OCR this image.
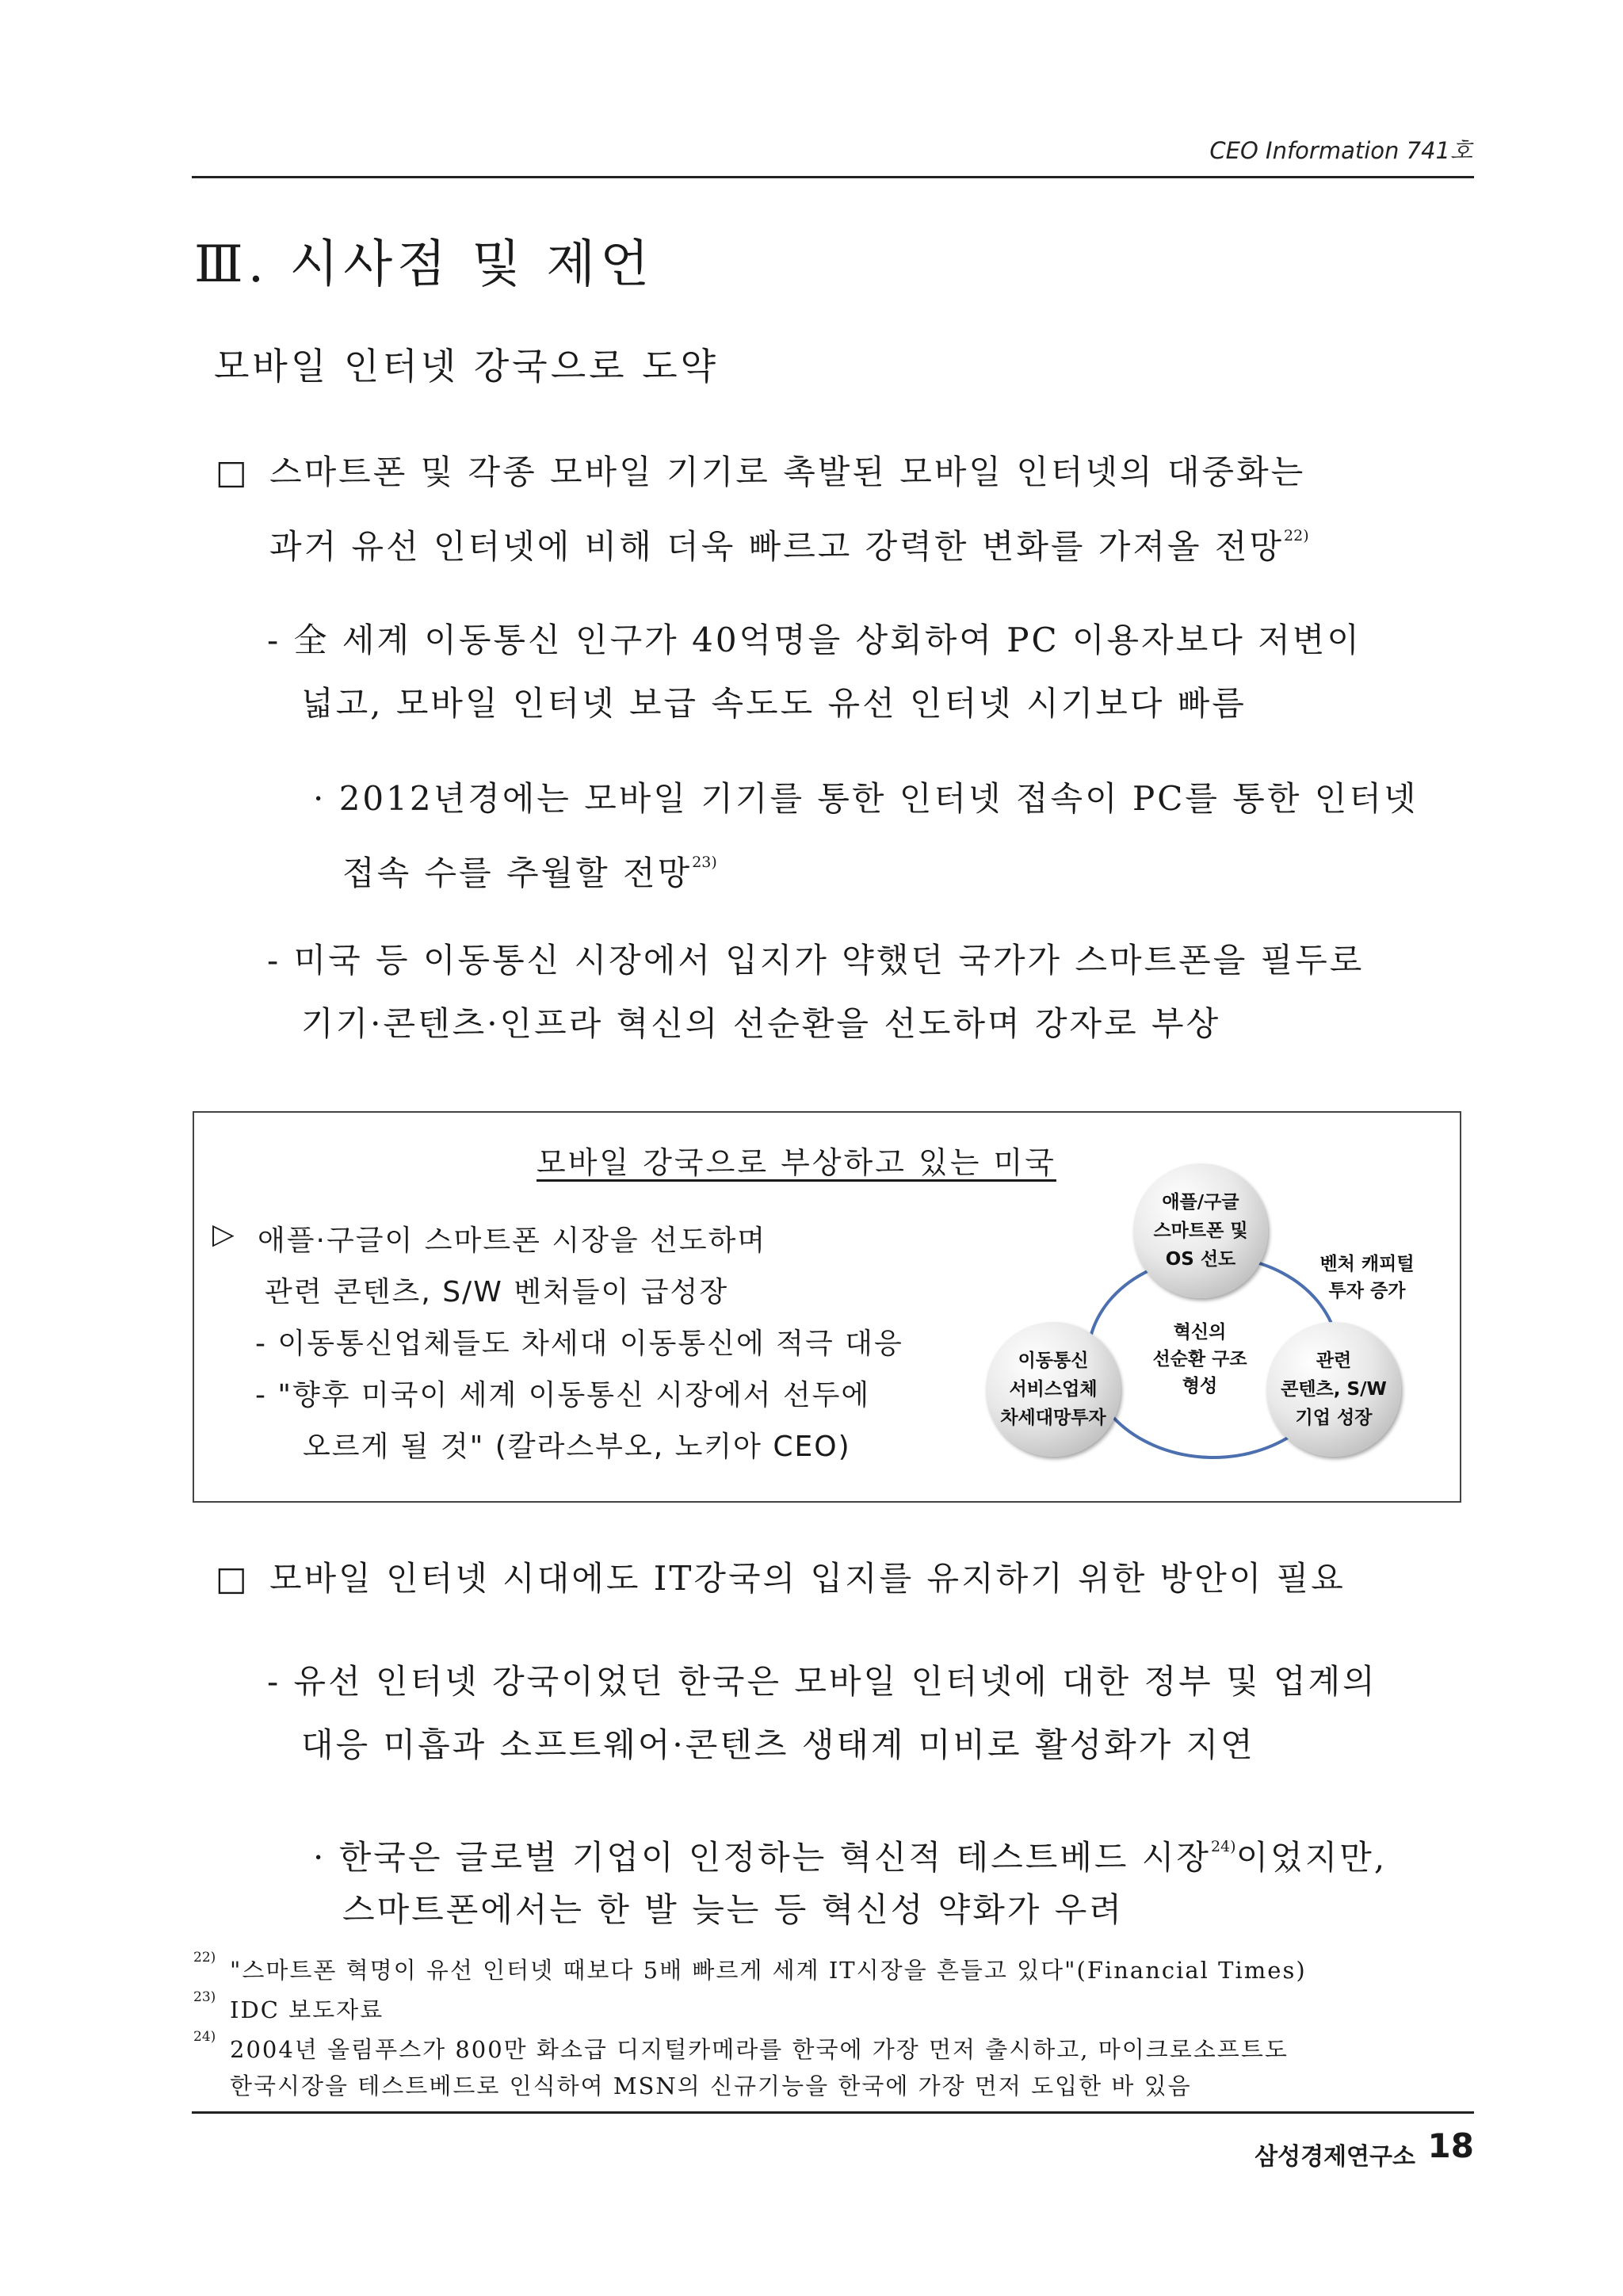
CEO Information 741호
Ⅲ. 시사점 및 제언
모바일 인터넷 강국으로 도약
□ 스마트폰 및 각종 모바일 기기로 촉발된 모바일 인터넷의 대중화는
과거 유선 인터넷에 비해 더욱 빠르고 강력한 변화를 가져올 전망$^{22)}$
- 全 세계 이동통신 인구가 40억명을 상회하여 PC 이용자보다 저변이
넓고, 모바일 인터넷 보급 속도도 유선 인터넷 시기보다 빠름
· 2012년경에는 모바일 기기를 통한 인터넷 접속이 PC를 통한 인터넷
접속 수를 추월할 전망$^{23)}$
- 미국 등 이동통신 시장에서 입지가 약했던 국가가 스마트폰을 필두로
기기·콘텐츠·인프라 혁신의 선순환을 선도하며 강자로 부상
모바일 강국으로 부상하고 있는 미국
▷ 애플·구글이 스마트폰 시장을 선도하며
관련 콘텐츠, S/W 벤처들이 급성장
- 이동통신업체들도 차세대 이동통신에 적극 대응
- "향후 미국이 세계 이동통신 시장에서 선두에
오르게 될 것" (칼라스부오, 노키아 CEO)
애플/구글
스마트폰 및
OS 선도
이동통신
서비스업체
차세대망투자
관련
콘텐츠, S/W
기업 성장
혁신의
선순환 구조
형성
벤처 캐피털
투자 증가
□ 모바일 인터넷 시대에도 IT강국의 입지를 유지하기 위한 방안이 필요
- 유선 인터넷 강국이었던 한국은 모바일 인터넷에 대한 정부 및 업계의
대응 미흡과 소프트웨어·콘텐츠 생태계 미비로 활성화가 지연
· 한국은 글로벌 기업이 인정하는 혁신적 테스트베드 시장$^{24)}$이었지만,
스마트폰에서는 한 발 늦는 등 혁신성 약화가 우려
22) "스마트폰 혁명이 유선 인터넷 때보다 5배 빠르게 세계 IT시장을 흔들고 있다"(Financial Times)
23) IDC 보도자료
24) 2004년 올림푸스가 800만 화소급 디지털카메라를 한국에 가장 먼저 출시하고, 마이크로소프트도
한국시장을 테스트베드로 인식하여 MSN의 신규기능을 한국에 가장 먼저 도입한 바 있음
삼성경제연구소 18
